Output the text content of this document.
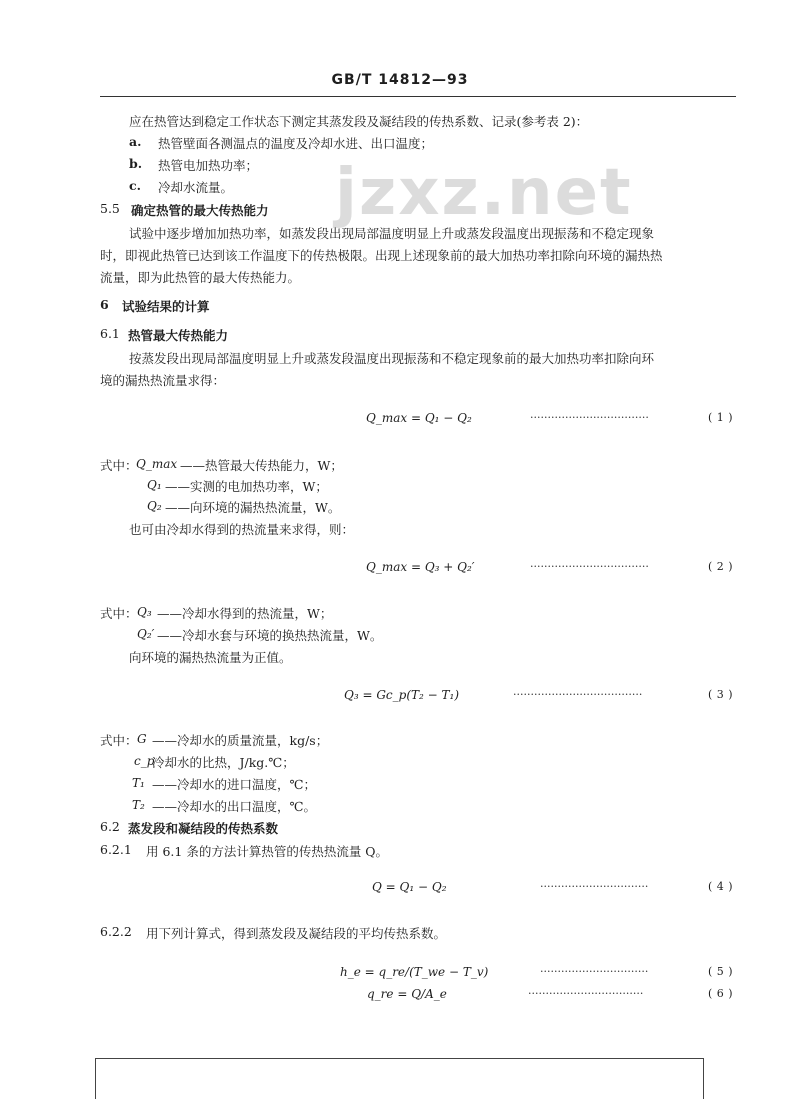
GB/T 14812—93
jzxz.net
应在热管达到稳定工作状态下测定其蒸发段及凝结段的传热系数、记录(参考表 2)：
a. 热管壁面各测温点的温度及冷却水进、出口温度；
b. 热管电加热功率；
c. 冷却水流量。
5.5 确定热管的最大传热能力
试验中逐步增加加热功率，如蒸发段出现局部温度明显上升或蒸发段温度出现振荡和不稳定现象
时，即视此热管已达到该工作温度下的传热极限。出现上述现象前的最大加热功率扣除向环境的漏热热
流量，即为此热管的最大传热能力。
6 试验结果的计算
6.1 热管最大传热能力
按蒸发段出现局部温度明显上升或蒸发段温度出现振荡和不稳定现象前的最大加热功率扣除向环
境的漏热热流量求得：
Q_max = Q₁ − Q₂	··································	( 1 )
式中：
Q_max ——热管最大传热能力，W；
Q₁ ——实测的电加热功率，W；
Q₂ ——向环境的漏热热流量，W。
也可由冷却水得到的热流量来求得，则：
Q_max = Q₃ + Q₂′	··································	( 2 )
式中： Q₃ ——冷却水得到的热流量，W；
Q₂′ ——冷却水套与环境的换热热流量，W。
向环境的漏热热流量为正值。
Q₃ = Gc_p(T₂ − T₁)	·····································	( 3 )
式中： G ——冷却水的质量流量，kg/s；
c_p
冷却水的比热，J/kg.℃；
T₁ ——冷却水的进口温度，℃；
T₂ ——冷却水的出口温度，℃。
6.2 蒸发段和凝结段的传热系数
6.2.1 用 6.1 条的方法计算热管的传热热流量 Q。
Q = Q₁ − Q₂	·······························	( 4 )
6.2.2 用下列计算式，得到蒸发段及凝结段的平均传热系数。
h_e = q_re/(T_we − T_v)	·······························	( 5 )
q_re = Q/A_e	·································	( 6 )
